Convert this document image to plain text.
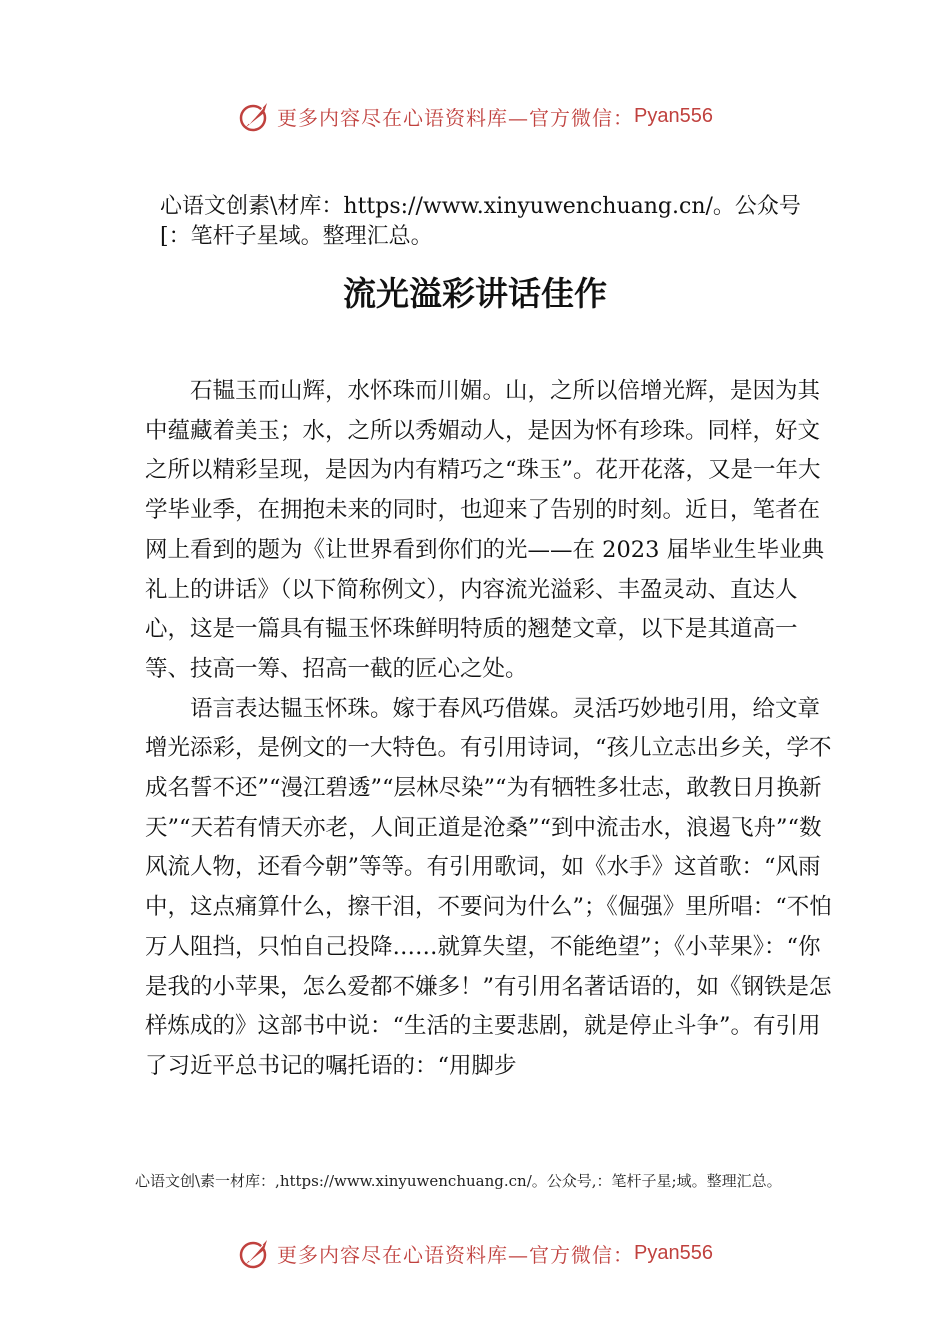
更多内容尽在心语资料库—官方微信： Pyan556
心语文创素\材库：https://www.xinyuwenchuang.cn/。公众号[：笔杆子星域。整理汇总。
流光溢彩讲话佳作

石韫玉而山辉，水怀珠而川媚。山，之所以倍增光辉，是因为其中蕴藏着美玉；水，之所以秀媚动人，是因为怀有珍珠。同样，好文之所以精彩呈现，是因为内有精巧之“珠玉”。花开花落，又是一年大学毕业季，在拥抱未来的同时，也迎来了告别的时刻。近日，笔者在网上看到的题为《让世界看到你们的光——在 2023 届毕业生毕业典礼上的讲话》（以下简称例文），内容流光溢彩、丰盈灵动、直达人心，这是一篇具有韫玉怀珠鲜明特质的翘楚文章，以下是其道高一等、技高一筹、招高一截的匠心之处。

语言表达韫玉怀珠。嫁于春风巧借媒。灵活巧妙地引用，给文章增光添彩，是例文的一大特色。有引用诗词，“孩儿立志出乡关，学不成名誓不还”“漫江碧透”“层林尽染”“为有牺牲多壮志，敢教日月换新天”“天若有情天亦老，人间正道是沧桑”“到中流击水，浪遏飞舟”“数风流人物，还看今朝”等等。有引用歌词，如《水手》这首歌：“风雨中，这点痛算什么，擦干泪，不要问为什么”；《倔强》里所唱：“不怕万人阻挡，只怕自己投降……就算失望，不能绝望”；《小苹果》：“你是我的小苹果，怎么爱都不嫌多！”有引用名著话语的，如《钢铁是怎样炼成的》这部书中说：“生活的主要悲剧，就是停止斗争”。有引用了习近平总书记的嘱托语的：“用脚步

心语文创\素一材库：,https://www.xinyuwenchuang.cn/。公众号,：笔杆子星;域。整理汇总。
更多内容尽在心语资料库—官方微信： Pyan556
